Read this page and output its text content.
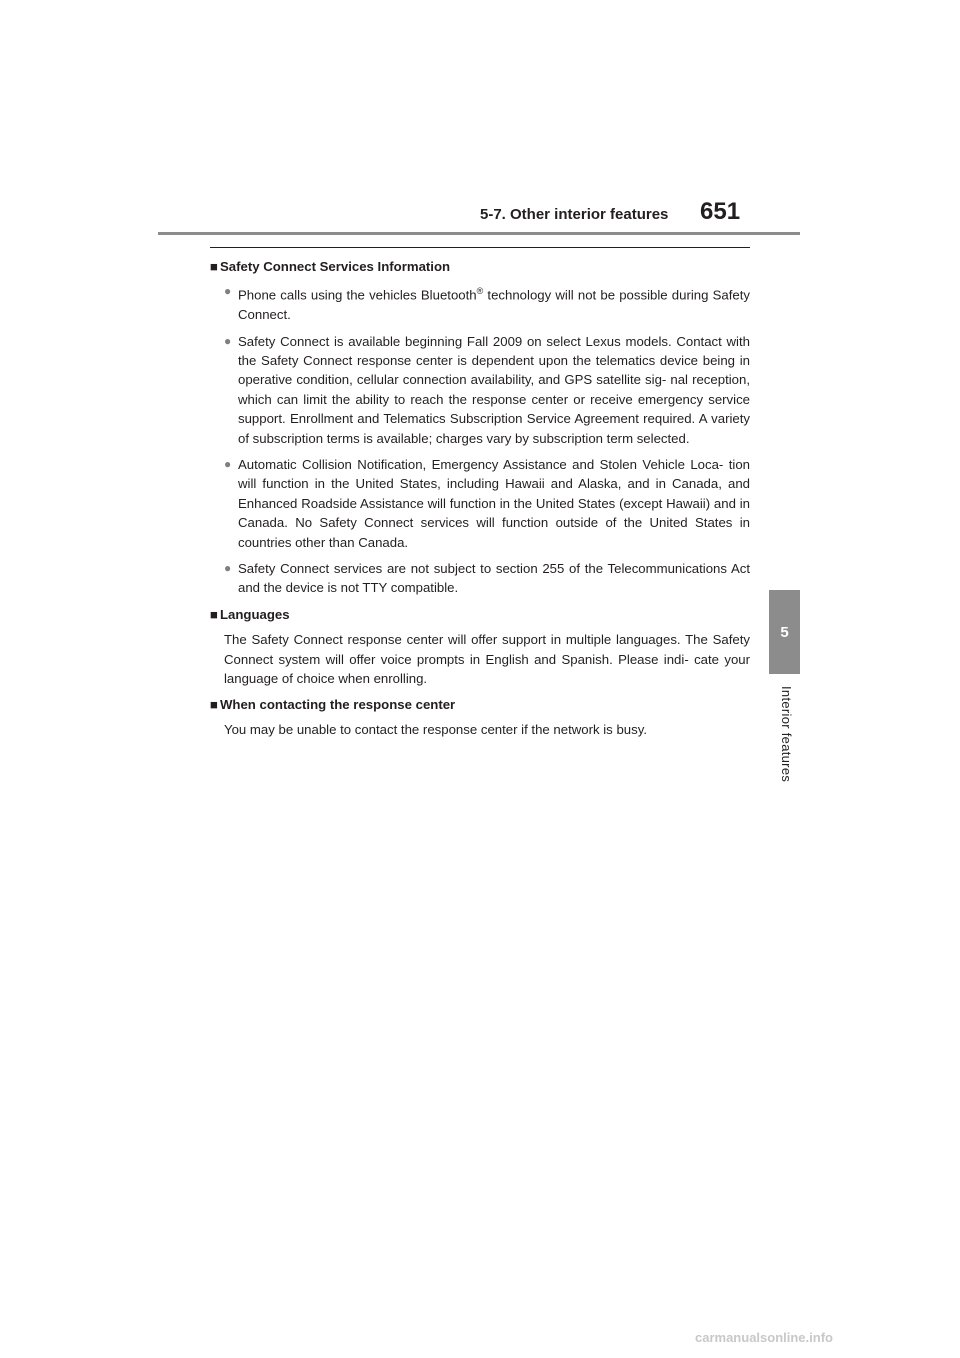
5-7. Other interior features 651
5
Interior features
■ Safety Connect Services Information
● Phone calls using the vehicles Bluetooth® technology will not be possible during Safety Connect.
● Safety Connect is available beginning Fall 2009 on select Lexus models. Contact with the Safety Connect response center is dependent upon the telematics device being in operative condition, cellular connection availability, and GPS satellite sig- nal reception, which can limit the ability to reach the response center or receive emergency service support. Enrollment and Telematics Subscription Service Agreement required. A variety of subscription terms is available; charges vary by subscription term selected.
● Automatic Collision Notification, Emergency Assistance and Stolen Vehicle Loca- tion will function in the United States, including Hawaii and Alaska, and in Canada, and Enhanced Roadside Assistance will function in the United States (except Hawaii) and in Canada. No Safety Connect services will function outside of the United States in countries other than Canada.
● Safety Connect services are not subject to section 255 of the Telecommunications Act and the device is not TTY compatible.
■ Languages
The Safety Connect response center will offer support in multiple languages. The Safety Connect system will offer voice prompts in English and Spanish. Please indi- cate your language of choice when enrolling.
■ When contacting the response center
You may be unable to contact the response center if the network is busy.
carmanualsonline.info
